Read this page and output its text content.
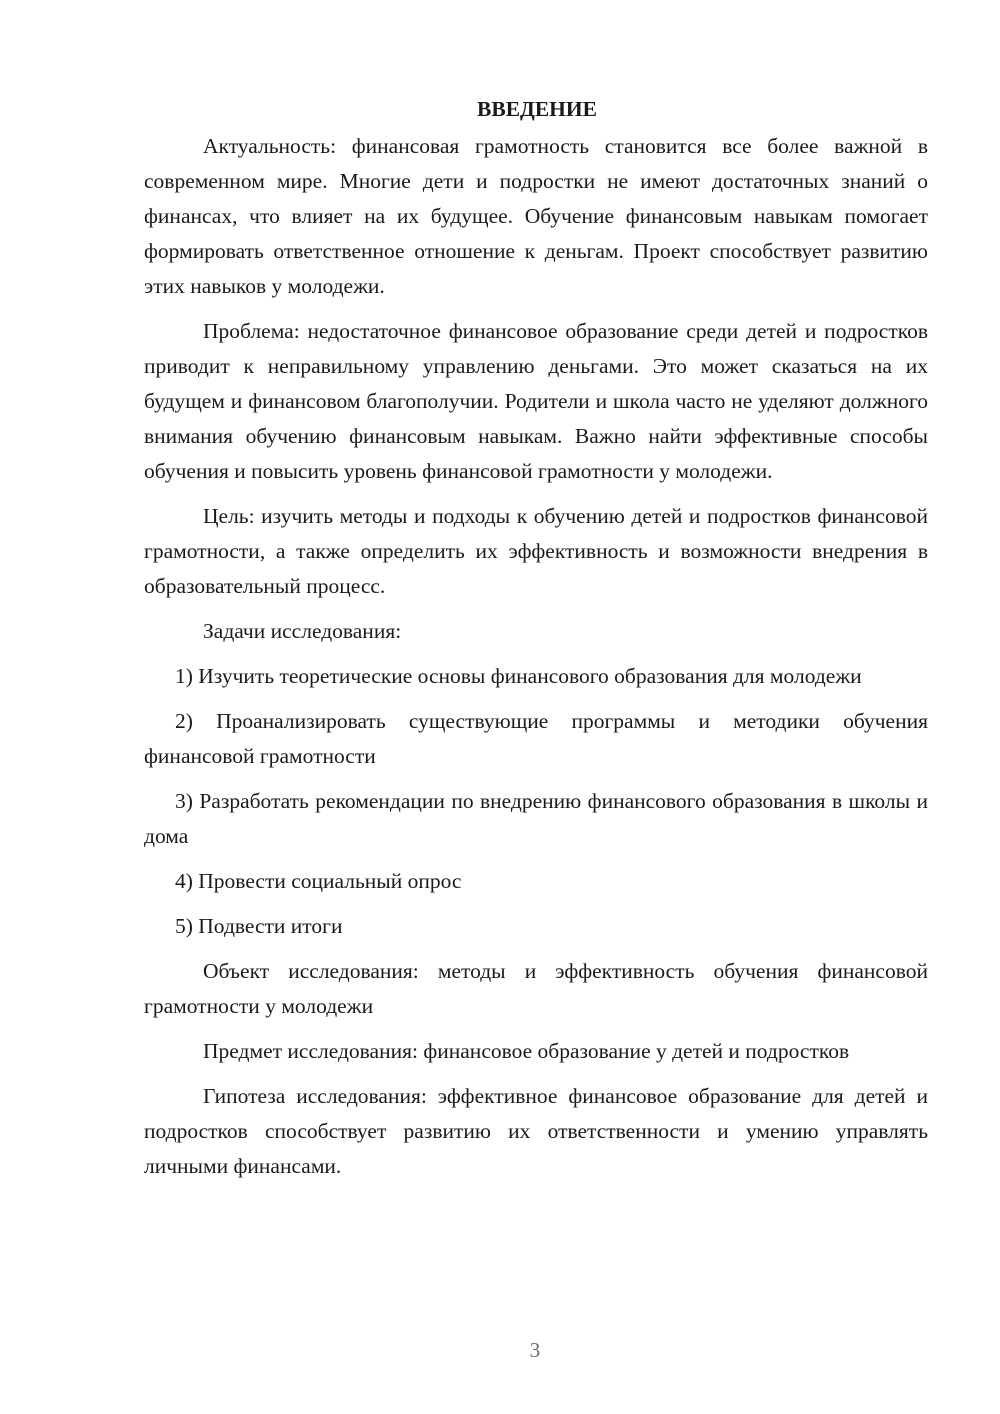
ВВЕДЕНИЕ

Актуальность: финансовая грамотность становится все более важной в современном мире. Многие дети и подростки не имеют достаточных знаний о финансах, что влияет на их будущее. Обучение финансовым навыкам помогает формировать ответственное отношение к деньгам. Проект способствует развитию этих навыков у молодежи.

Проблема: недостаточное финансовое образование среди детей и подростков приводит к неправильному управлению деньгами. Это может сказаться на их будущем и финансовом благополучии. Родители и школа часто не уделяют должного внимания обучению финансовым навыкам. Важно найти эффективные способы обучения и повысить уровень финансовой грамотности у молодежи.

Цель: изучить методы и подходы к обучению детей и подростков финансовой грамотности, а также определить их эффективность и возможности внедрения в образовательный процесс.

Задачи исследования:

1) Изучить теоретические основы финансового образования для молодежи

2) Проанализировать существующие программы и методики обучения финансовой грамотности

3) Разработать рекомендации по внедрению финансового образования в школы и дома

4) Провести социальный опрос

5) Подвести итоги

Объект исследования: методы и эффективность обучения финансовой грамотности у молодежи

Предмет исследования: финансовое образование у детей и подростков

Гипотеза исследования: эффективное финансовое образование для детей и подростков способствует развитию их ответственности и умению управлять личными финансами.

3
